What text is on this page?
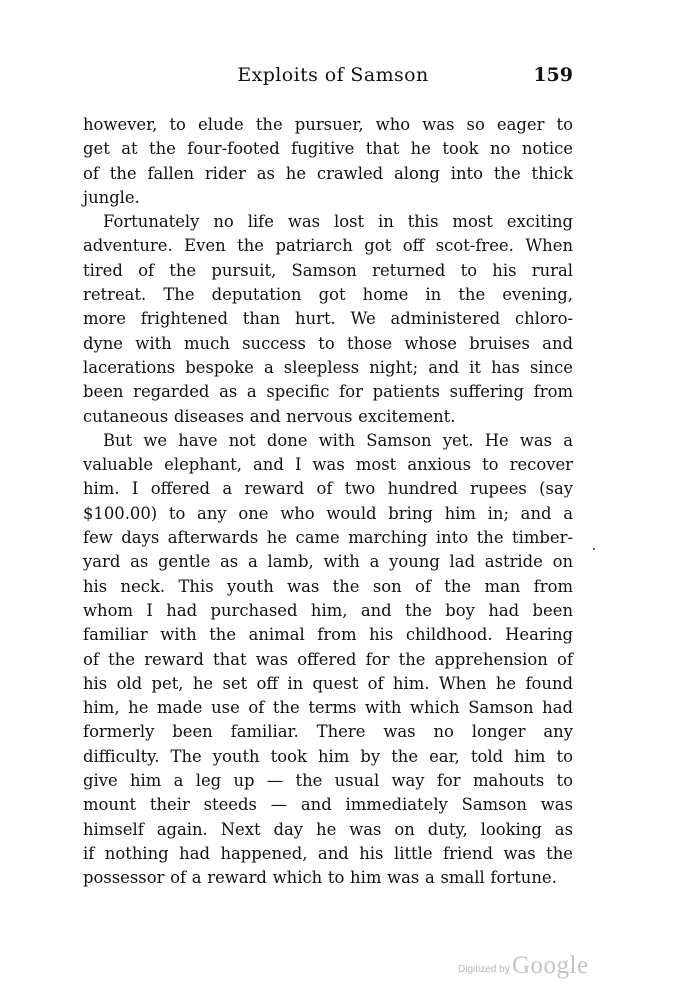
Exploits of Samson	159
however, to elude the pursuer, who was so eager to
get at the four-footed fugitive that he took no notice
of the fallen rider as he crawled along into the thick
jungle.
Fortunately no life was lost in this most exciting
adventure. Even the patriarch got off scot-free. When
tired of the pursuit, Samson returned to his rural
retreat. The deputation got home in the evening,
more frightened than hurt. We administered chloro-
dyne with much success to those whose bruises and
lacerations bespoke a sleepless night; and it has since
been regarded as a specific for patients suffering from
cutaneous diseases and nervous excitement.
But we have not done with Samson yet. He was a
valuable elephant, and I was most anxious to recover
him. I offered a reward of two hundred rupees (say
$100.00) to any one who would bring him in; and a
few days afterwards he came marching into the timber-
yard as gentle as a lamb, with a young lad astride on
his neck. This youth was the son of the man from
whom I had purchased him, and the boy had been
familiar with the animal from his childhood. Hearing
of the reward that was offered for the apprehension of
his old pet, he set off in quest of him. When he found
him, he made use of the terms with which Samson had
formerly been familiar. There was no longer any
difficulty. The youth took him by the ear, told him to
give him a leg up — the usual way for mahouts to
mount their steeds — and immediately Samson was
himself again. Next day he was on duty, looking as
if nothing had happened, and his little friend was the
possessor of a reward which to him was a small fortune.
Digitized by Google
